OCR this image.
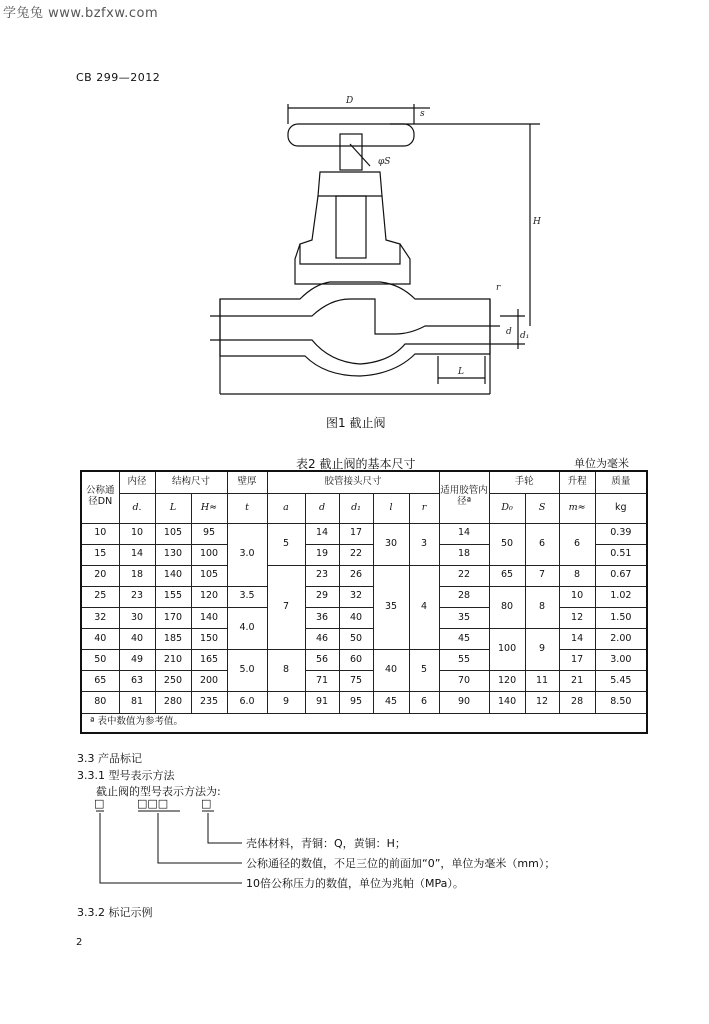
学兔兔 www.bzfxw.com
CB 299—2012
D
s
H
φS
L
r
d d₁
图1 截止阀
表2 截止阀的基本尺寸	单位为毫米
公称通径DN	内径	结构尺寸		壁厚	胶管接头尺寸					适用胶管内径ª	手轮		升程	质量
	d.	L	H≈	t	a	d	d₁	l	r		D₀	S	m≈	kg
10	10	105	95	3.0	5	14	17	30	3	14	50	6	6	0.39
15	14	130	100			19	22			18				0.51
20	18	140	105		7	23	26	35	4	22	65	7	8	0.67
25	23	155	120	3.5		29	32			28	80	8	10	1.02
32	30	170	140	4.0		36	40			35			12	1.50
40	40	185	150			46	50			45	100	9	14	2.00
50	49	210	165	5.0	8	56	60	40	5	55			17	3.00
65	63	250	200			71	75			70	120	11	21	5.45
80	81	280	235	6.0	9	91	95	45	6	90	140	12	28	8.50
ª 表中数值为参考值。														
3.3 产品标记
3.3.1 型号表示方法
截止阀的型号表示方法为:
□	□□□	□
壳体材料，青铜：Q，黄铜：H；
公称通径的数值，不足三位的前面加“0”，单位为毫米（mm）；
10倍公称压力的数值，单位为兆帕（MPa）。
3.3.2 标记示例
2
